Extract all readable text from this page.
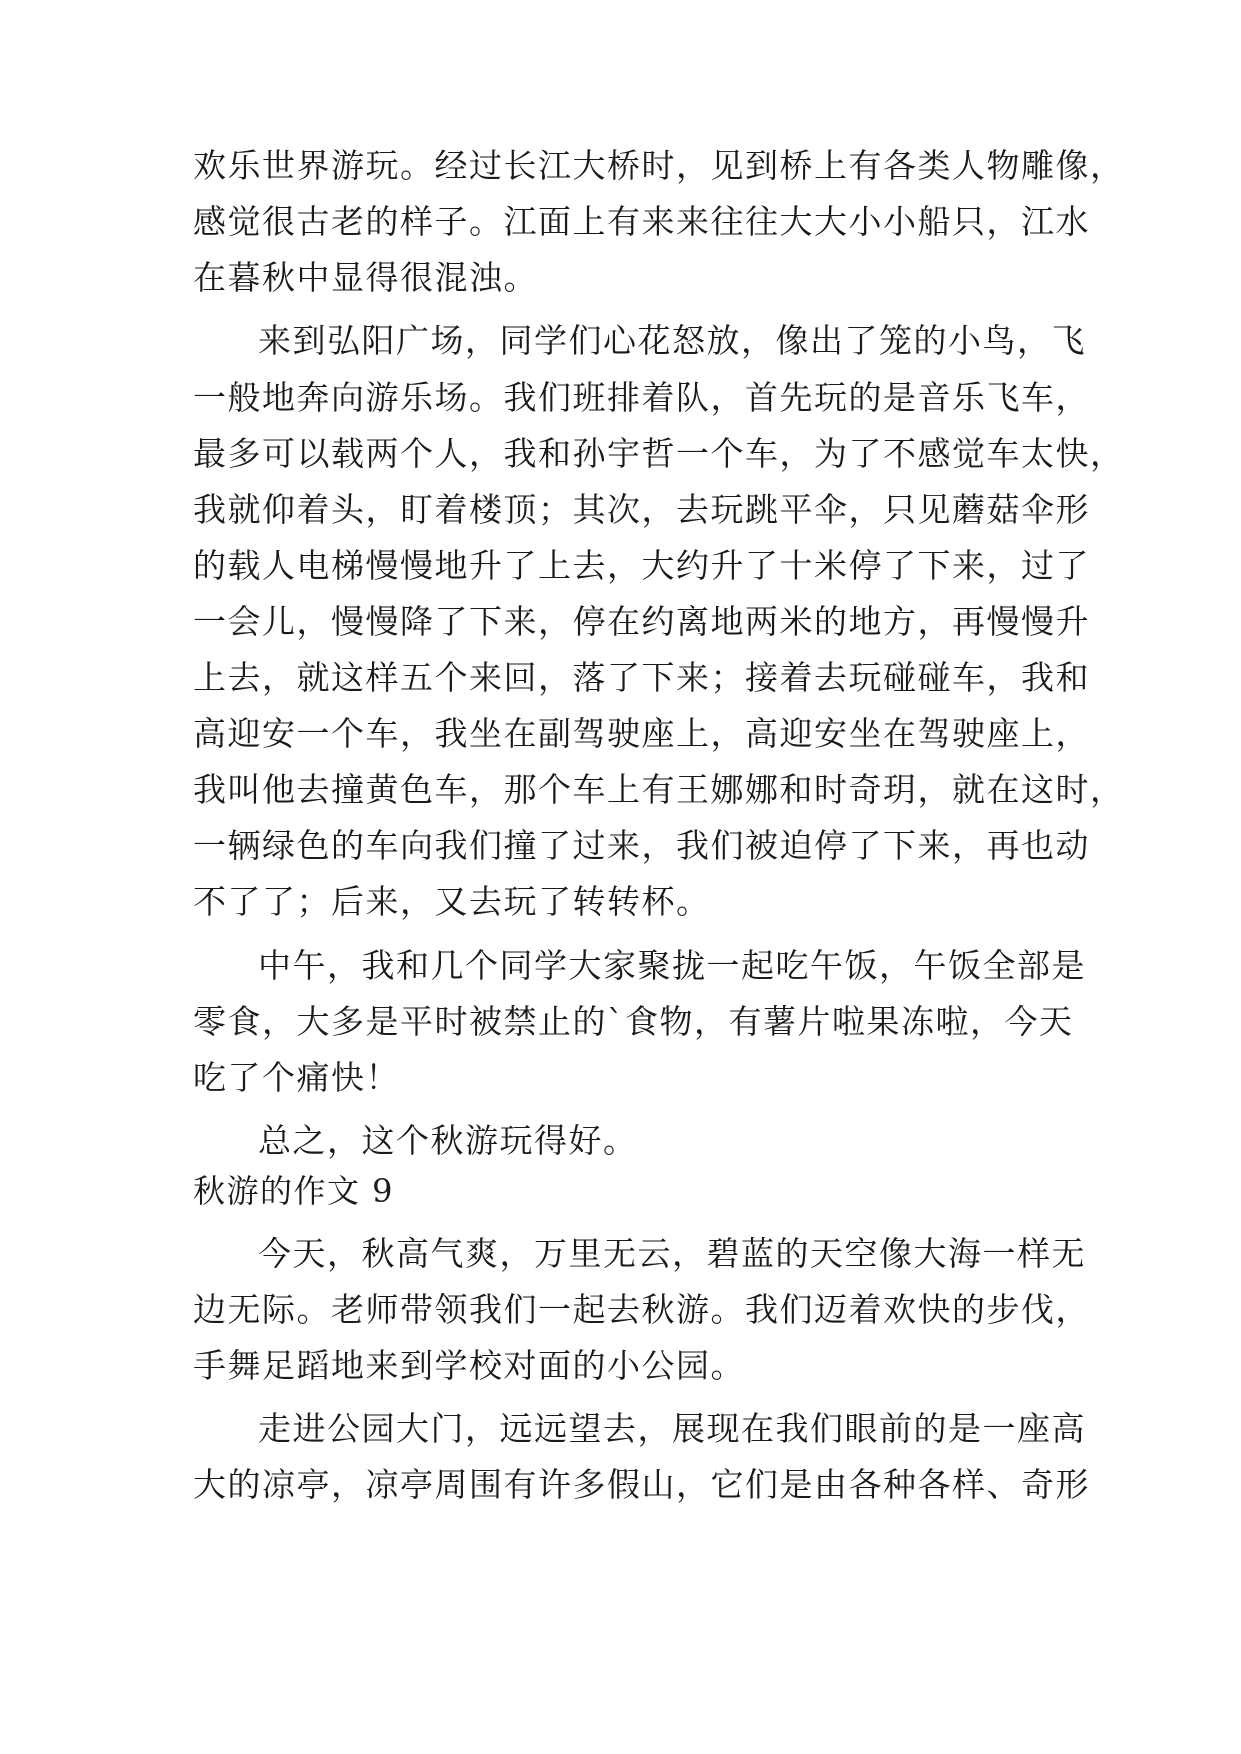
欢乐世界游玩。经过长江大桥时，见到桥上有各类人物雕像，
感觉很古老的样子。江面上有来来往往大大小小船只，江水
在暮秋中显得很混浊。
来到弘阳广场，同学们心花怒放，像出了笼的小鸟，飞
一般地奔向游乐场。我们班排着队，首先玩的是音乐飞车，
最多可以载两个人，我和孙宇哲一个车，为了不感觉车太快，
我就仰着头，盯着楼顶；其次，去玩跳平伞，只见蘑菇伞形
的载人电梯慢慢地升了上去，大约升了十米停了下来，过了
一会儿，慢慢降了下来，停在约离地两米的地方，再慢慢升
上去，就这样五个来回，落了下来；接着去玩碰碰车，我和
高迎安一个车，我坐在副驾驶座上，高迎安坐在驾驶座上，
我叫他去撞黄色车，那个车上有王娜娜和时奇玥，就在这时，
一辆绿色的车向我们撞了过来，我们被迫停了下来，再也动
不了了；后来，又去玩了转转杯。
中午，我和几个同学大家聚拢一起吃午饭，午饭全部是
零食，大多是平时被禁止的`食物，有薯片啦果冻啦，今天
吃了个痛快！
总之，这个秋游玩得好。
秋游的作文 9
今天，秋高气爽，万里无云，碧蓝的天空像大海一样无
边无际。老师带领我们一起去秋游。我们迈着欢快的步伐，
手舞足蹈地来到学校对面的小公园。
走进公园大门，远远望去，展现在我们眼前的是一座高
大的凉亭，凉亭周围有许多假山，它们是由各种各样、奇形
